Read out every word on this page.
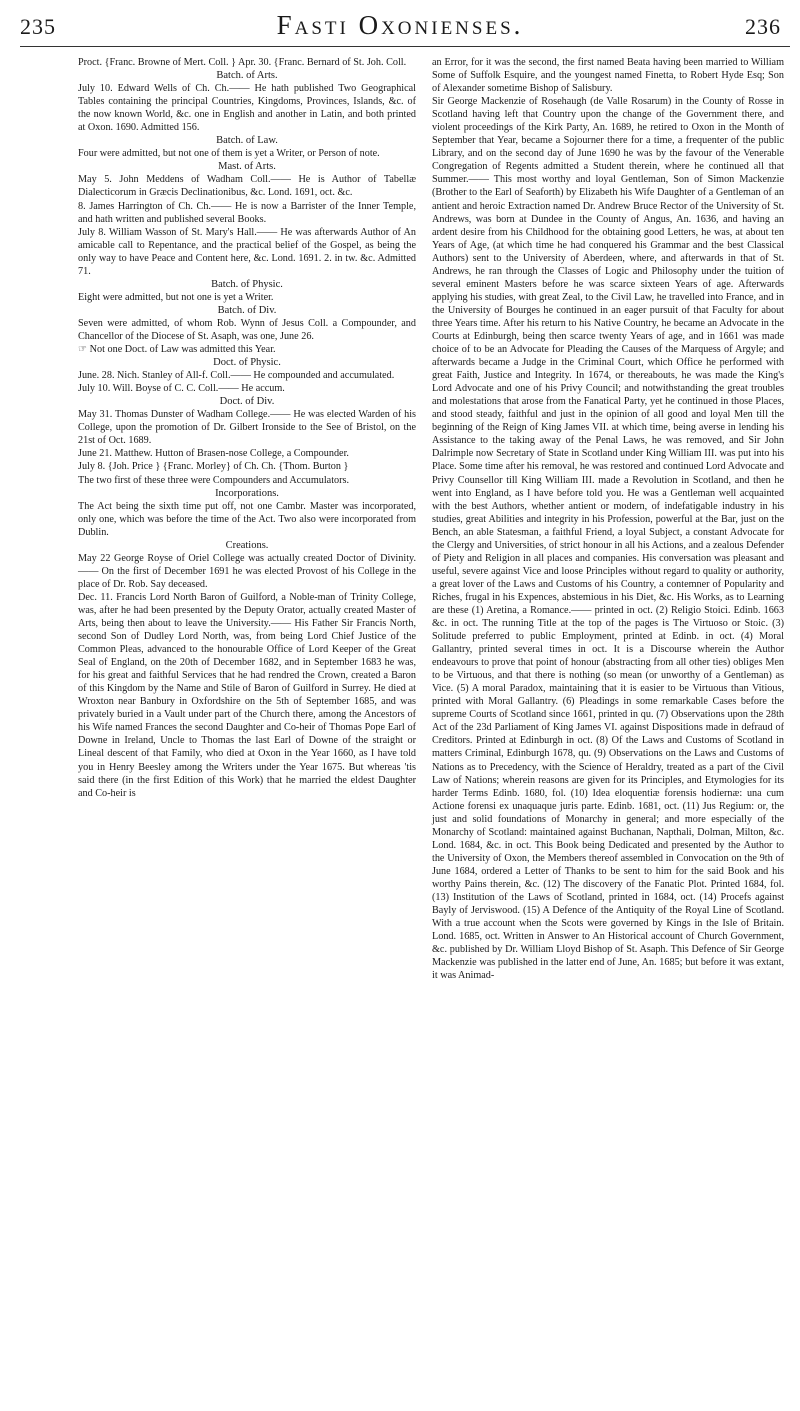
235	Fasti Oxonienses.	236

Proct. {Franc. Browne of Mert. Coll. } Apr. 30. {Franc. Bernard of St. Joh. Coll.

Batch. of Arts.

July 10. Edward Wells of Ch. Ch.—— He hath published Two Geographical Tables containing the principal Countries, Kingdoms, Provinces, Islands, &c. of the now known World, &c. one in English and another in Latin, and both printed at Oxon. 1690. Admitted 156.

Batch. of Law.

Four were admitted, but not one of them is yet a Writer, or Person of note.

Mast. of Arts.

May 5. John Meddens of Wadham Coll.—— He is Author of Tabellæ Dialecticorum in Græcis Declinationibus, &c. Lond. 1691, oct. &c.

8. James Harrington of Ch. Ch.—— He is now a Barrister of the Inner Temple, and hath written and published several Books.

July 8. William Wasson of St. Mary's Hall.—— He was afterwards Author of An amicable call to Repentance, and the practical belief of the Gospel, as being the only way to have Peace and Content here, &c. Lond. 1691. 2. in tw. &c. Admitted 71.

Batch. of Physic.

Eight were admitted, but not one is yet a Writer.

Batch. of Div.

Seven were admitted, of whom Rob. Wynn of Jesus Coll. a Compounder, and Chancellor of the Diocese of St. Asaph, was one, June 26.

☞ Not one Doct. of Law was admitted this Year.

Doct. of Physic.

June. 28. Nich. Stanley of All-f. Coll.—— He compounded and accumulated.

July 10. Will. Boyse of C. C. Coll.—— He accum.

Doct. of Div.

May 31. Thomas Dunster of Wadham College.—— He was elected Warden of his College, upon the promotion of Dr. Gilbert Ironside to the See of Bristol, on the 21st of Oct. 1689.

June 21. Matthew. Hutton of Brasen-nose College, a Compounder.

July 8. {Joh. Price } {Franc. Morley} of Ch. Ch. {Thom. Burton }

The two first of these three were Compounders and Accumulators.

Incorporations.

The Act being the sixth time put off, not one Cambr. Master was incorporated, only one, which was before the time of the Act. Two also were incorporated from Dublin.

Creations.

May 22 George Royse of Oriel College was actually created Doctor of Divinity.—— On the first of December 1691 he was elected Provost of his College in the place of Dr. Rob. Say deceased.

Dec. 11. Francis Lord North Baron of Guilford, a Noble-man of Trinity College, was, after he had been presented by the Deputy Orator, actually created Master of Arts, being then about to leave the University.—— His Father Sir Francis North, second Son of Dudley Lord North, was, from being Lord Chief Justice of the Common Pleas, advanced to the honourable Office of Lord Keeper of the Great Seal of England, on the 20th of December 1682, and in September 1683 he was, for his great and faithful Services that he had rendred the Crown, created a Baron of this Kingdom by the Name and Stile of Baron of Guilford in Surrey. He died at Wroxton near Banbury in Oxfordshire on the 5th of September 1685, and was privately buried in a Vault under part of the Church there, among the Ancestors of his Wife named Frances the second Daughter and Co-heir of Thomas Pope Earl of Downe in Ireland, Uncle to Thomas the last Earl of Downe of the straight or Lineal descent of that Family, who died at Oxon in the Year 1660, as I have told you in Henry Beesley among the Writers under the Year 1675. But whereas 'tis said there (in the first Edition of this Work) that he married the eldest Daughter and Co-heir is

an Error, for it was the second, the first named Beata having been married to William Some of Suffolk Esquire, and the youngest named Finetta, to Robert Hyde Esq; Son of Alexander sometime Bishop of Salisbury.

Sir George Mackenzie of Rosehaugh (de Valle Rosarum) in the County of Rosse in Scotland having left that Country upon the change of the Government there, and violent proceedings of the Kirk Party, An. 1689, he retired to Oxon in the Month of September that Year, became a Sojourner there for a time, a frequenter of the public Library, and on the second day of June 1690 he was by the favour of the Venerable Congregation of Regents admitted a Student therein, where he continued all that Summer.—— This most worthy and loyal Gentleman, Son of Simon Mackenzie (Brother to the Earl of Seaforth) by Elizabeth his Wife Daughter of a Gentleman of an antient and heroic Extraction named Dr. Andrew Bruce Rector of the University of St. Andrews, was born at Dundee in the County of Angus, An. 1636, and having an ardent desire from his Childhood for the obtaining good Letters, he was, at about ten Years of Age, (at which time he had conquered his Grammar and the best Classical Authors) sent to the University of Aberdeen, where, and afterwards in that of St. Andrews, he ran through the Classes of Logic and Philosophy under the tuition of several eminent Masters before he was scarce sixteen Years of age. Afterwards applying his studies, with great Zeal, to the Civil Law, he travelled into France, and in the University of Bourges he continued in an eager pursuit of that Faculty for about three Years time. After his return to his Native Country, he became an Advocate in the Courts at Edinburgh, being then scarce twenty Years of age, and in 1661 was made choice of to be an Advocate for Pleading the Causes of the Marquess of Argyle; and afterwards became a Judge in the Criminal Court, which Office he performed with great Faith, Justice and Integrity. In 1674, or thereabouts, he was made the King's Lord Advocate and one of his Privy Council; and notwithstanding the great troubles and molestations that arose from the Fanatical Party, yet he continued in those Places, and stood steady, faithful and just in the opinion of all good and loyal Men till the beginning of the Reign of King James VII. at which time, being averse in lending his Assistance to the taking away of the Penal Laws, he was removed, and Sir John Dalrimple now Secretary of State in Scotland under King William III. was put into his Place. Some time after his removal, he was restored and continued Lord Advocate and Privy Counsellor till King William III. made a Revolution in Scotland, and then he went into England, as I have before told you. He was a Gentleman well acquainted with the best Authors, whether antient or modern, of indefatigable industry in his studies, great Abilities and integrity in his Profession, powerful at the Bar, just on the Bench, an able Statesman, a faithful Friend, a loyal Subject, a constant Advocate for the Clergy and Universities, of strict honour in all his Actions, and a zealous Defender of Piety and Religion in all places and companies. His conversation was pleasant and useful, severe against Vice and loose Principles without regard to quality or authority, a great lover of the Laws and Customs of his Country, a contemner of Popularity and Riches, frugal in his Expences, abstemious in his Diet, &c. His Works, as to Learning are these (1) Aretina, a Romance.—— printed in oct. (2) Religio Stoici. Edinb. 1663 &c. in oct. The running Title at the top of the pages is The Virtuoso or Stoic. (3) Solitude preferred to public Employment, printed at Edinb. in oct. (4) Moral Gallantry, printed several times in oct. It is a Discourse wherein the Author endeavours to prove that point of honour (abstracting from all other ties) obliges Men to be Virtuous, and that there is nothing (so mean (or unworthy of a Gentleman) as Vice. (5) A moral Paradox, maintaining that it is easier to be Virtuous than Vitious, printed with Moral Gallantry. (6) Pleadings in some remarkable Cases before the supreme Courts of Scotland since 1661, printed in qu. (7) Observations upon the 28th Act of the 23d Parliament of King James VI. against Dispositions made in defraud of Creditors. Printed at Edinburgh in oct. (8) Of the Laws and Customs of Scotland in matters Criminal, Edinburgh 1678, qu. (9) Observations on the Laws and Customs of Nations as to Precedency, with the Science of Heraldry, treated as a part of the Civil Law of Nations; wherein reasons are given for its Principles, and Etymologies for its harder Terms Edinb. 1680, fol. (10) Idea eloquentiæ forensis hodiernæ: una cum Actione forensi ex unaquaque juris parte. Edinb. 1681, oct. (11) Jus Regium: or, the just and solid foundations of Monarchy in general; and more especially of the Monarchy of Scotland: maintained against Buchanan, Napthali, Dolman, Milton, &c. Lond. 1684, &c. in oct. This Book being Dedicated and presented by the Author to the University of Oxon, the Members thereof assembled in Convocation on the 9th of June 1684, ordered a Letter of Thanks to be sent to him for the said Book and his worthy Pains therein, &c. (12) The discovery of the Fanatic Plot. Printed 1684, fol. (13) Institution of the Laws of Scotland, printed in 1684, oct. (14) Procefs against Bayly of Jerviswood. (15) A Defence of the Antiquity of the Royal Line of Scotland. With a true account when the Scots were governed by Kings in the Isle of Britain. Lond. 1685, oct. Written in Answer to An Historical account of Church Government, &c. published by Dr. William Lloyd Bishop of St. Asaph. This Defence of Sir George Mackenzie was published in the latter end of June, An. 1685; but before it was extant, it was Animad-
